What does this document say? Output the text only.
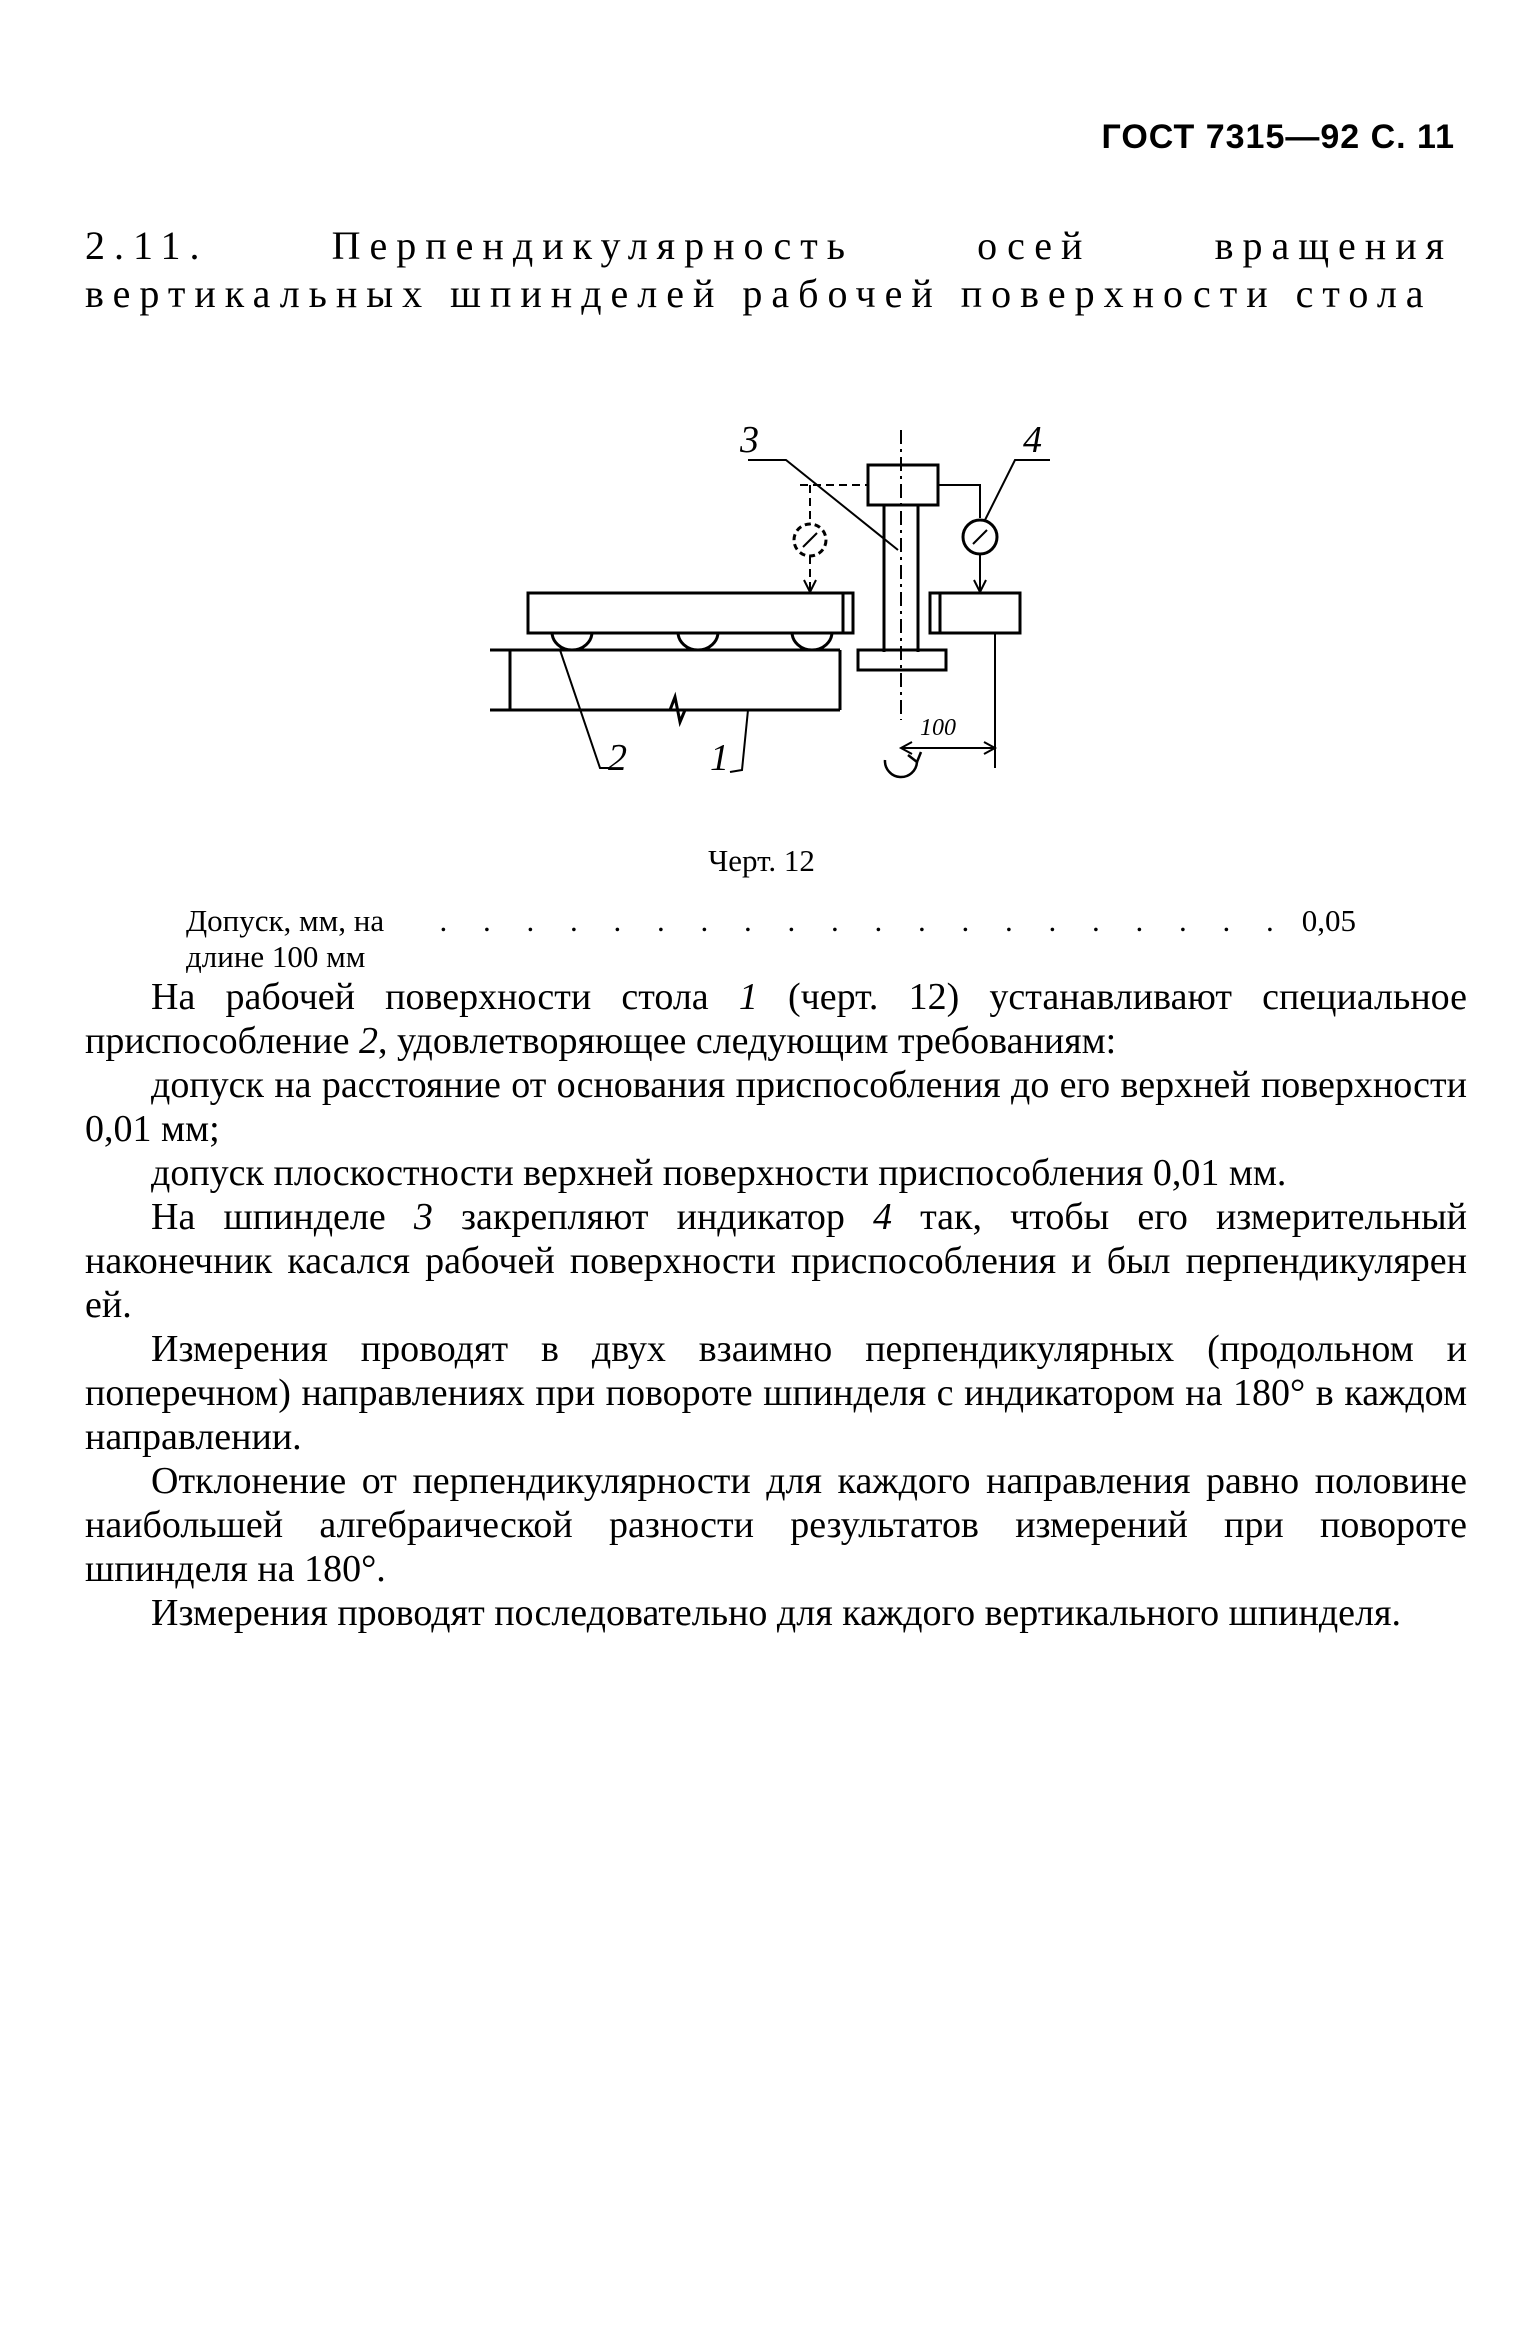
ГОСТ 7315—92 С. 11
2.11. Перпендикулярность осей вращения вертикальных шпинделей рабочей поверхности стола
3	4
2 1
100
Черт. 12
Допуск, мм, на длине 100 мм
. . . . . . . . . . . . . . . . . . . . 0,05

На рабочей поверхности стола 1 (черт. 12) устанавливают специальное приспособление 2, удовлетворяющее следующим требованиям:

допуск на расстояние от основания приспособления до его верхней поверхности 0,01 мм;

допуск плоскостности верхней поверхности приспособления 0,01 мм.

На шпинделе 3 закрепляют индикатор 4 так, чтобы его измерительный наконечник касался рабочей поверхности приспособления и был перпендикулярен ей.

Измерения проводят в двух взаимно перпендикулярных (продольном и поперечном) направлениях при повороте шпинделя с индикатором на 180° в каждом направлении.

Отклонение от перпендикулярности для каждого направления равно половине наибольшей алгебраической разности результатов измерений при повороте шпинделя на 180°.

Измерения проводят последовательно для каждого вертикального шпинделя.
